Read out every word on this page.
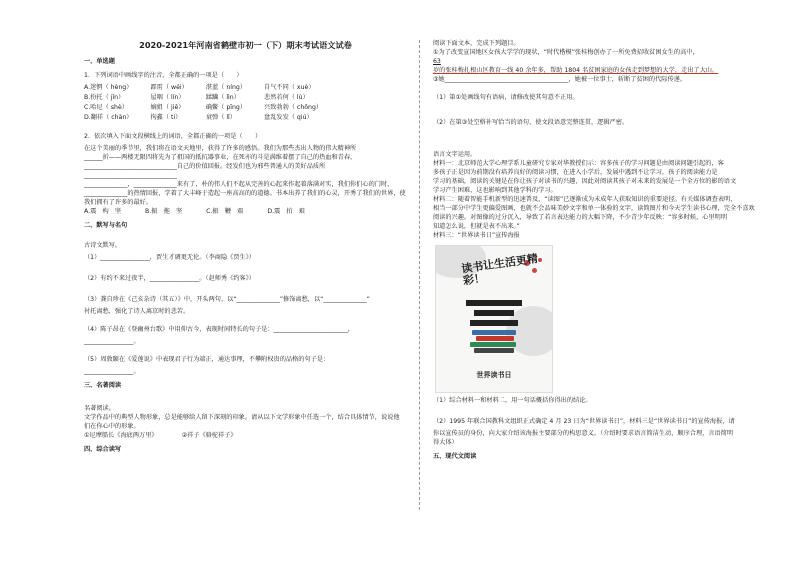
2020-2021年河南省鹤壁市初一（下）期末考试语文试卷
一、单选题
1．下列词语中画线字的注音，全都正确的一项是（　　）
A.迷惘（ hèng）	霹雳（ wéi）	湛蓝（ níng）	自气不同（ xuè）
B.扮托（ jǐn）	屋咽（ lín）	蹂躏（ lìn）	悲然若何（ lù）
C.哈尼（ shè）	嫡姐（ jiē）	确鳖（ pīng）	兴致勃勃（ chōng）
D.翻祥（ chàn）	拘鑫（ ti）	衰弹（ lǐ）	盘乱发发（ qiú）
2．依次填入下面文段横线上的词语，全都正确的一项是（　　）
在这个美丽的季节里，我们将在语文天地里，获得了许多的感悟。我们为那些杰出人物的伟大精神所
______折——两楼无限四将先为了祖国的抵抗器事业，在死亦的斗是满维着摆了自己的热血和青春，
______________________________自己的价值回报。经发们也为邪些普通人的美好品质所______________________________
______________，______________来有了，朴的伟人们不起从完善的心起来作起着落满对实，我们你们心的门时，
______________的热情回报，学着了大丰峰于造起一座高高的的道德。书本出养了我们的心灵，开秀了我们的世界，使
我们拥有了许多的最好。
A.震　构　坚	B.振　拖　坚	C.振　鞭　艰	D.震　拍　艰
二、默写与名句
古诗文默写。
（1）________________，贾生才调更无伦。（李商隐《贾生》）
（2）有约不来过夜半，________________。（赵师秀《约客》）
（3）龚自珍在《己亥杂诗（其五）》中，开头两句，以“______________”修饰离愁，以“______________”
衬托离愁，强化了诗人离京时的悲苦。
（4）陈子昂在《登幽州台歌》中用仰古今，表现时间特长的句子是：________________________，
________________。
（5）周敦颐在《爱莲说》中表现君子行为端正，通达事理，不攀附权贵的品格的句子是：
________________。
三、名著阅读
名著阅读。
文学作品中的典型人物形象，总是能够给人留下深刻的印象。请从以下文学形象中任选一个，结合具体情节，说说他
们在你心中的形象。
①尼摩船长《海底两万里》	②祥子《骆驼祥子》
四、综合读写
阅读下面文本，完成下列题目。
①为了改变宣国地区女孩大学学的现状，“时代楷模”张桂梅创办了一所免费招收贫困女生的高中，
63
岁的张桂梅扎根山区教育一线 40 余年多，帮助 1804 名贫困家庭的女孩走到梦想的大学，走出了大山。
③她________________________________________，她被一位事士，斩断了贫困的代际传递。
（1）第①处画线句有语病，请修改使其句意不正用。
（2）在第③处空格补写恰当的语句，使文段语意完整连贯，逻辑严密。
语言文字运用。
材料一：北京师范大学心理学系儿童研究专家对华教授们示：容多孩子的学习问题是由阅读问题引起的，客
多孩子正是因为前期没有培养良好的阅读习惯，在进入小学后，发展中遇到不让学习，孩子的阅读能力是
学习的基础，阅读的关键是在你让孩子对读书的兴趣，因此对阅读其孩子对未来的发展是一个全方位的影的语文
学习产生困难，这也影响到其他学科的学习。
材料二：随着智能手机新型的迅速普及，“读图”已逐渐成为未成年人获取知识的重要途径。有关媒体调查表明，
相当一部分中学生更偏爱图画，也就不会品味美妙文字和单一体验的文字，读简图片和今天学生读书心理，完全不喜欢
阅读的兴趣。对图像的过分沉入，导致了若言表达能力的大幅下降，不少青少年反映：“容多时候，心里明明
知道怎么说，但就是表不出来。”
材料三：“世界读书日”宣传海报
读书让生活更精彩！
世界读书日
（1）综合材料一和材料二，用一句话概括你得出的结论。
（2）1995 年联合国教科文组织正式确定 4 月 23 日为“世界读书日”，材料三是“世界读书日”的宣传海报，请
你以宣传员的身份，向大家介绍该海报主要部分的构思意义。（介绍时要求语言简洁生动，顺序合理，言语简明
得大体）
五、现代文阅读
